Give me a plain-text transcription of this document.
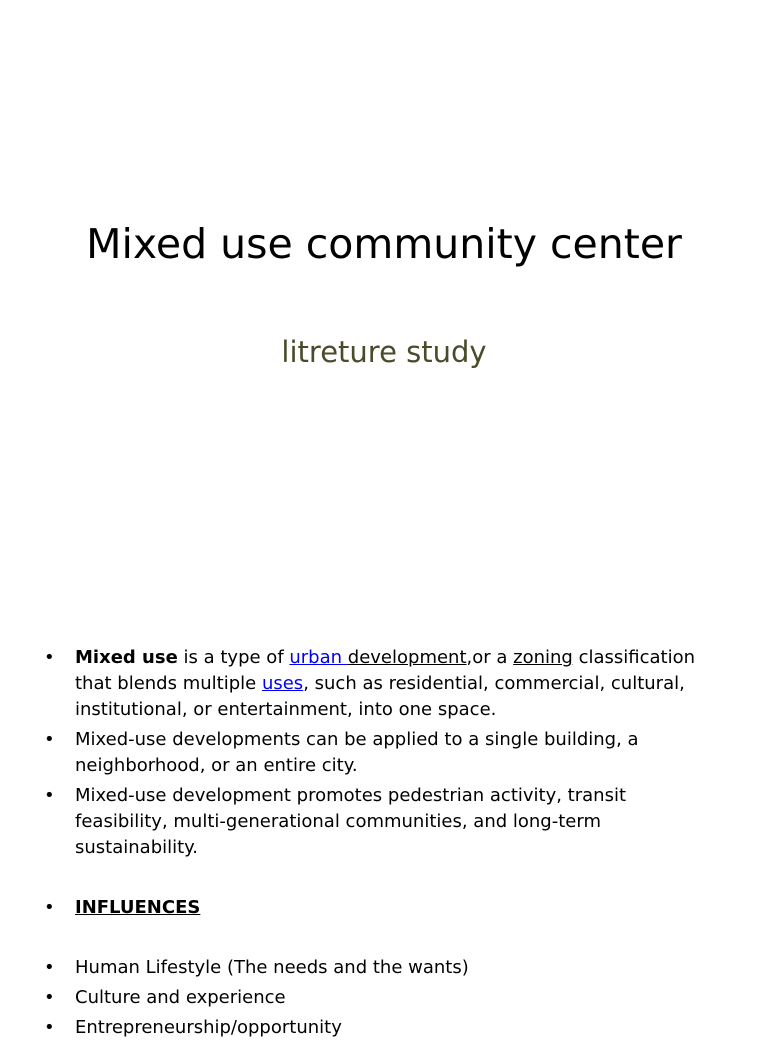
Mixed use community center
litreture study
• Mixed use is a type of urban development,or a zoning classification that blends multiple uses, such as residential, commercial, cultural, institutional, or entertainment, into one space.
• Mixed-use developments can be applied to a single building, a neighborhood, or an entire city.
• Mixed-use development promotes pedestrian activity, transit feasibility, multi-generational communities, and long-term sustainability.
• INFLUENCES
• Human Lifestyle (The needs and the wants)
• Culture and experience
• Entrepreneurship/opportunity
